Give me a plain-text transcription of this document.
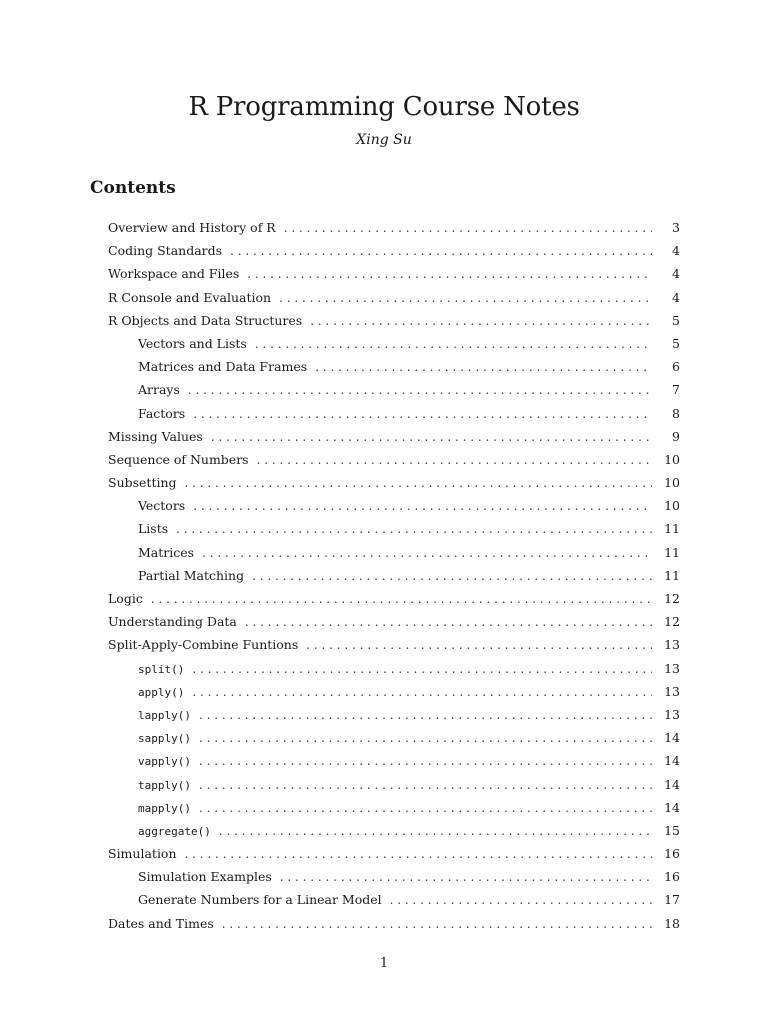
R Programming Course Notes
Xing Su
Contents
Overview and History of R . . .	3
Coding Standards . . .	4
Workspace and Files . . .	4
R Console and Evaluation . . .	4
R Objects and Data Structures . . .	5
Vectors and Lists . . .	5
Matrices and Data Frames . . .	6
Arrays . . .	7
Factors . . .	8
Missing Values . . .	9
Sequence of Numbers . . .	10
Subsetting . . .	10
Vectors . . .	10
Lists . . .	11
Matrices . . .	11
Partial Matching . . .	11
Logic . . .	12
Understanding Data . . .	12
Split-Apply-Combine Funtions . . .	13
split() . . .	13
apply() . . .	13
lapply() . . .	13
sapply() . . .	14
vapply() . . .	14
tapply() . . .	14
mapply() . . .	14
aggregate() . . .	15
Simulation . . .	16
Simulation Examples . . .	16
Generate Numbers for a Linear Model . . .	17
Dates and Times . . .	18
1
